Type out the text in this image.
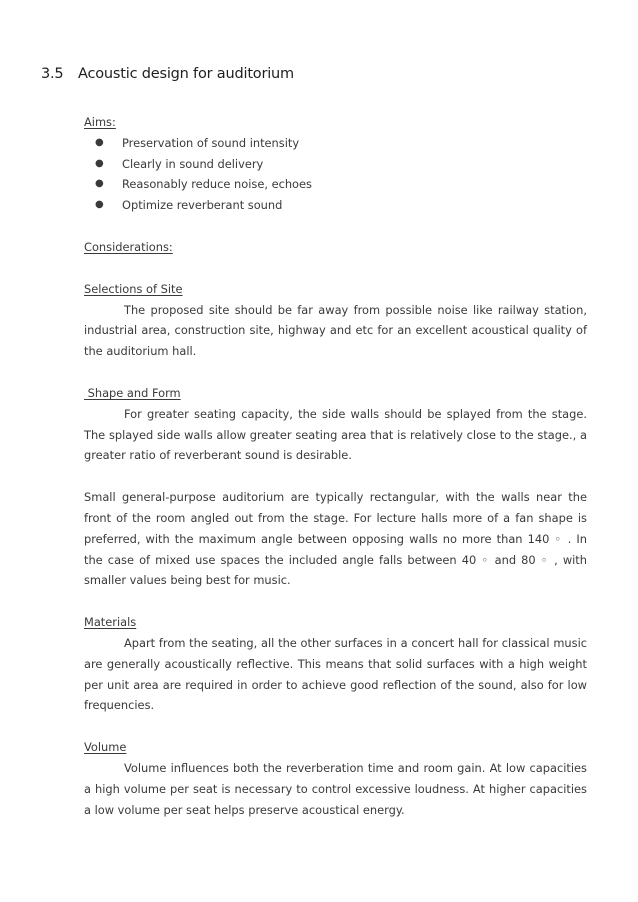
3.5	Acoustic design for auditorium
Aims:
●	Preservation of sound intensity
●	Clearly in sound delivery
●	Reasonably reduce noise, echoes
●	Optimize reverberant sound
Considerations:
Selections of Site

The proposed site should be far away from possible noise like railway station, industrial area, construction site, highway and etc for an excellent acoustical quality of the auditorium hall.

Shape and Form

For greater seating capacity, the side walls should be splayed from the stage. The splayed side walls allow greater seating area that is relatively close to the stage., a greater ratio of reverberant sound is desirable.

Small general-purpose auditorium are typically rectangular, with the walls near the front of the room angled out from the stage. For lecture halls more of a fan shape is preferred, with the maximum angle between opposing walls no more than 140 ◦ . In the case of mixed use spaces the included angle falls between 40 ◦ and 80 ◦ , with smaller values being best for music.

Materials

Apart from the seating, all the other surfaces in a concert hall for classical music are generally acoustically reflective. This means that solid surfaces with a high weight per unit area are required in order to achieve good reflection of the sound, also for low frequencies.

Volume

Volume influences both the reverberation time and room gain. At low capacities a high volume per seat is necessary to control excessive loudness. At higher capacities a low volume per seat helps preserve acoustical energy.
